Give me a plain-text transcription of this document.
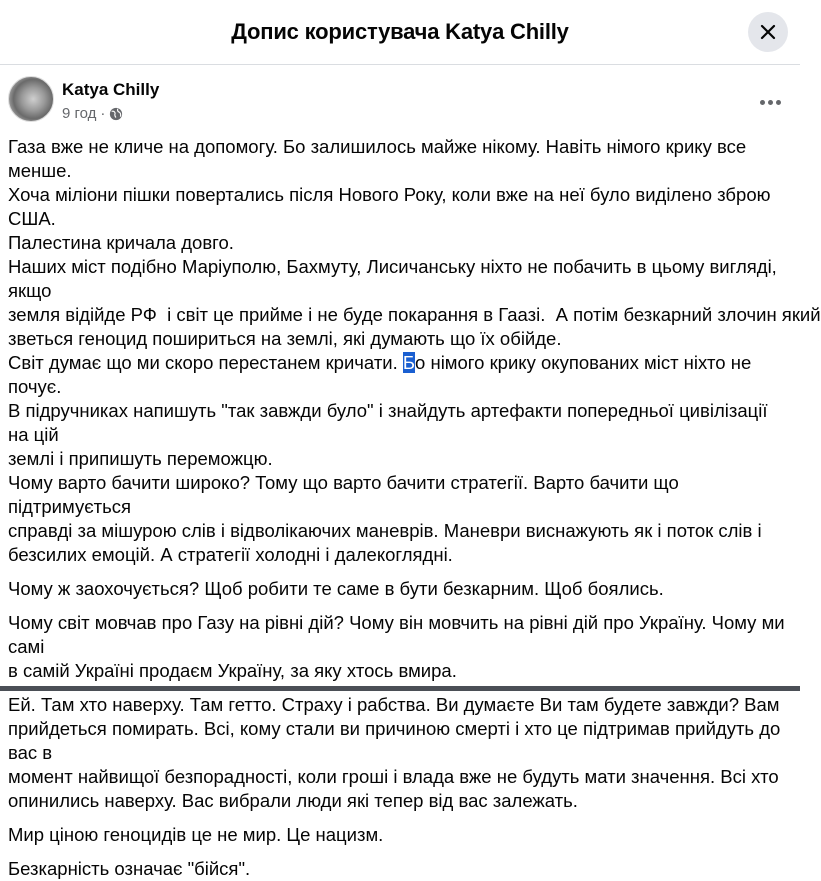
Допис користувача Katya Chilly
Katya Chilly
9 год ·

Газа вже не кличе на допомогу. Бо залишилось майже нікому. Навіть німого крику все менше.
Хоча міліони пішки повертались після Нового Року, коли вже на неї було виділено зброю США.
Палестина кричала довго.
Наших міст подібно Маріуполю, Бахмуту, Лисичанську ніхто не побачить в цьому вигляді, якщо
земля відійде РФ  і світ це прийме і не буде покарання в Гаазі.  А потім безкарний злочин який
зветься геноцид пошириться на землі, які думають що їх обійде.
Світ думає що ми скоро перестанем кричати. Бо німого крику окупованих міст ніхто не почує.
В підручниках напишуть "так завжди було" і знайдуть артефакти попередньої цивілізації на цій
землі і припишуть переможцю.
Чому варто бачити широко? Тому що варто бачити стратегії. Варто бачити що підтримується
справді за мішурою слів і відволікаючих маневрів. Маневри виснажують як і поток слів і
безсилих емоцій. А стратегії холодні і далекоглядні.

Чому ж заохочується? Щоб робити те саме в бути безкарним. Щоб боялись.

Чому світ мовчав про Газу на рівні дій? Чому він мовчить на рівні дій про Україну. Чому ми самі
в самій Україні продаєм Україну, за яку хтось вмира.

Ей. Там хто наверху. Там гетто. Страху і рабства. Ви думаєте Ви там будете завжди? Вам
прийдеться помирать. Всі, кому стали ви причиною смерті і хто це підтримав прийдуть до вас в
момент найвищої безпорадності, коли гроші і влада вже не будуть мати значення. Всі хто
опинились наверху. Вас вибрали люди які тепер від вас залежать.

Мир ціною геноцидів це не мир. Це нацизм.

Безкарність означає "бійся".
